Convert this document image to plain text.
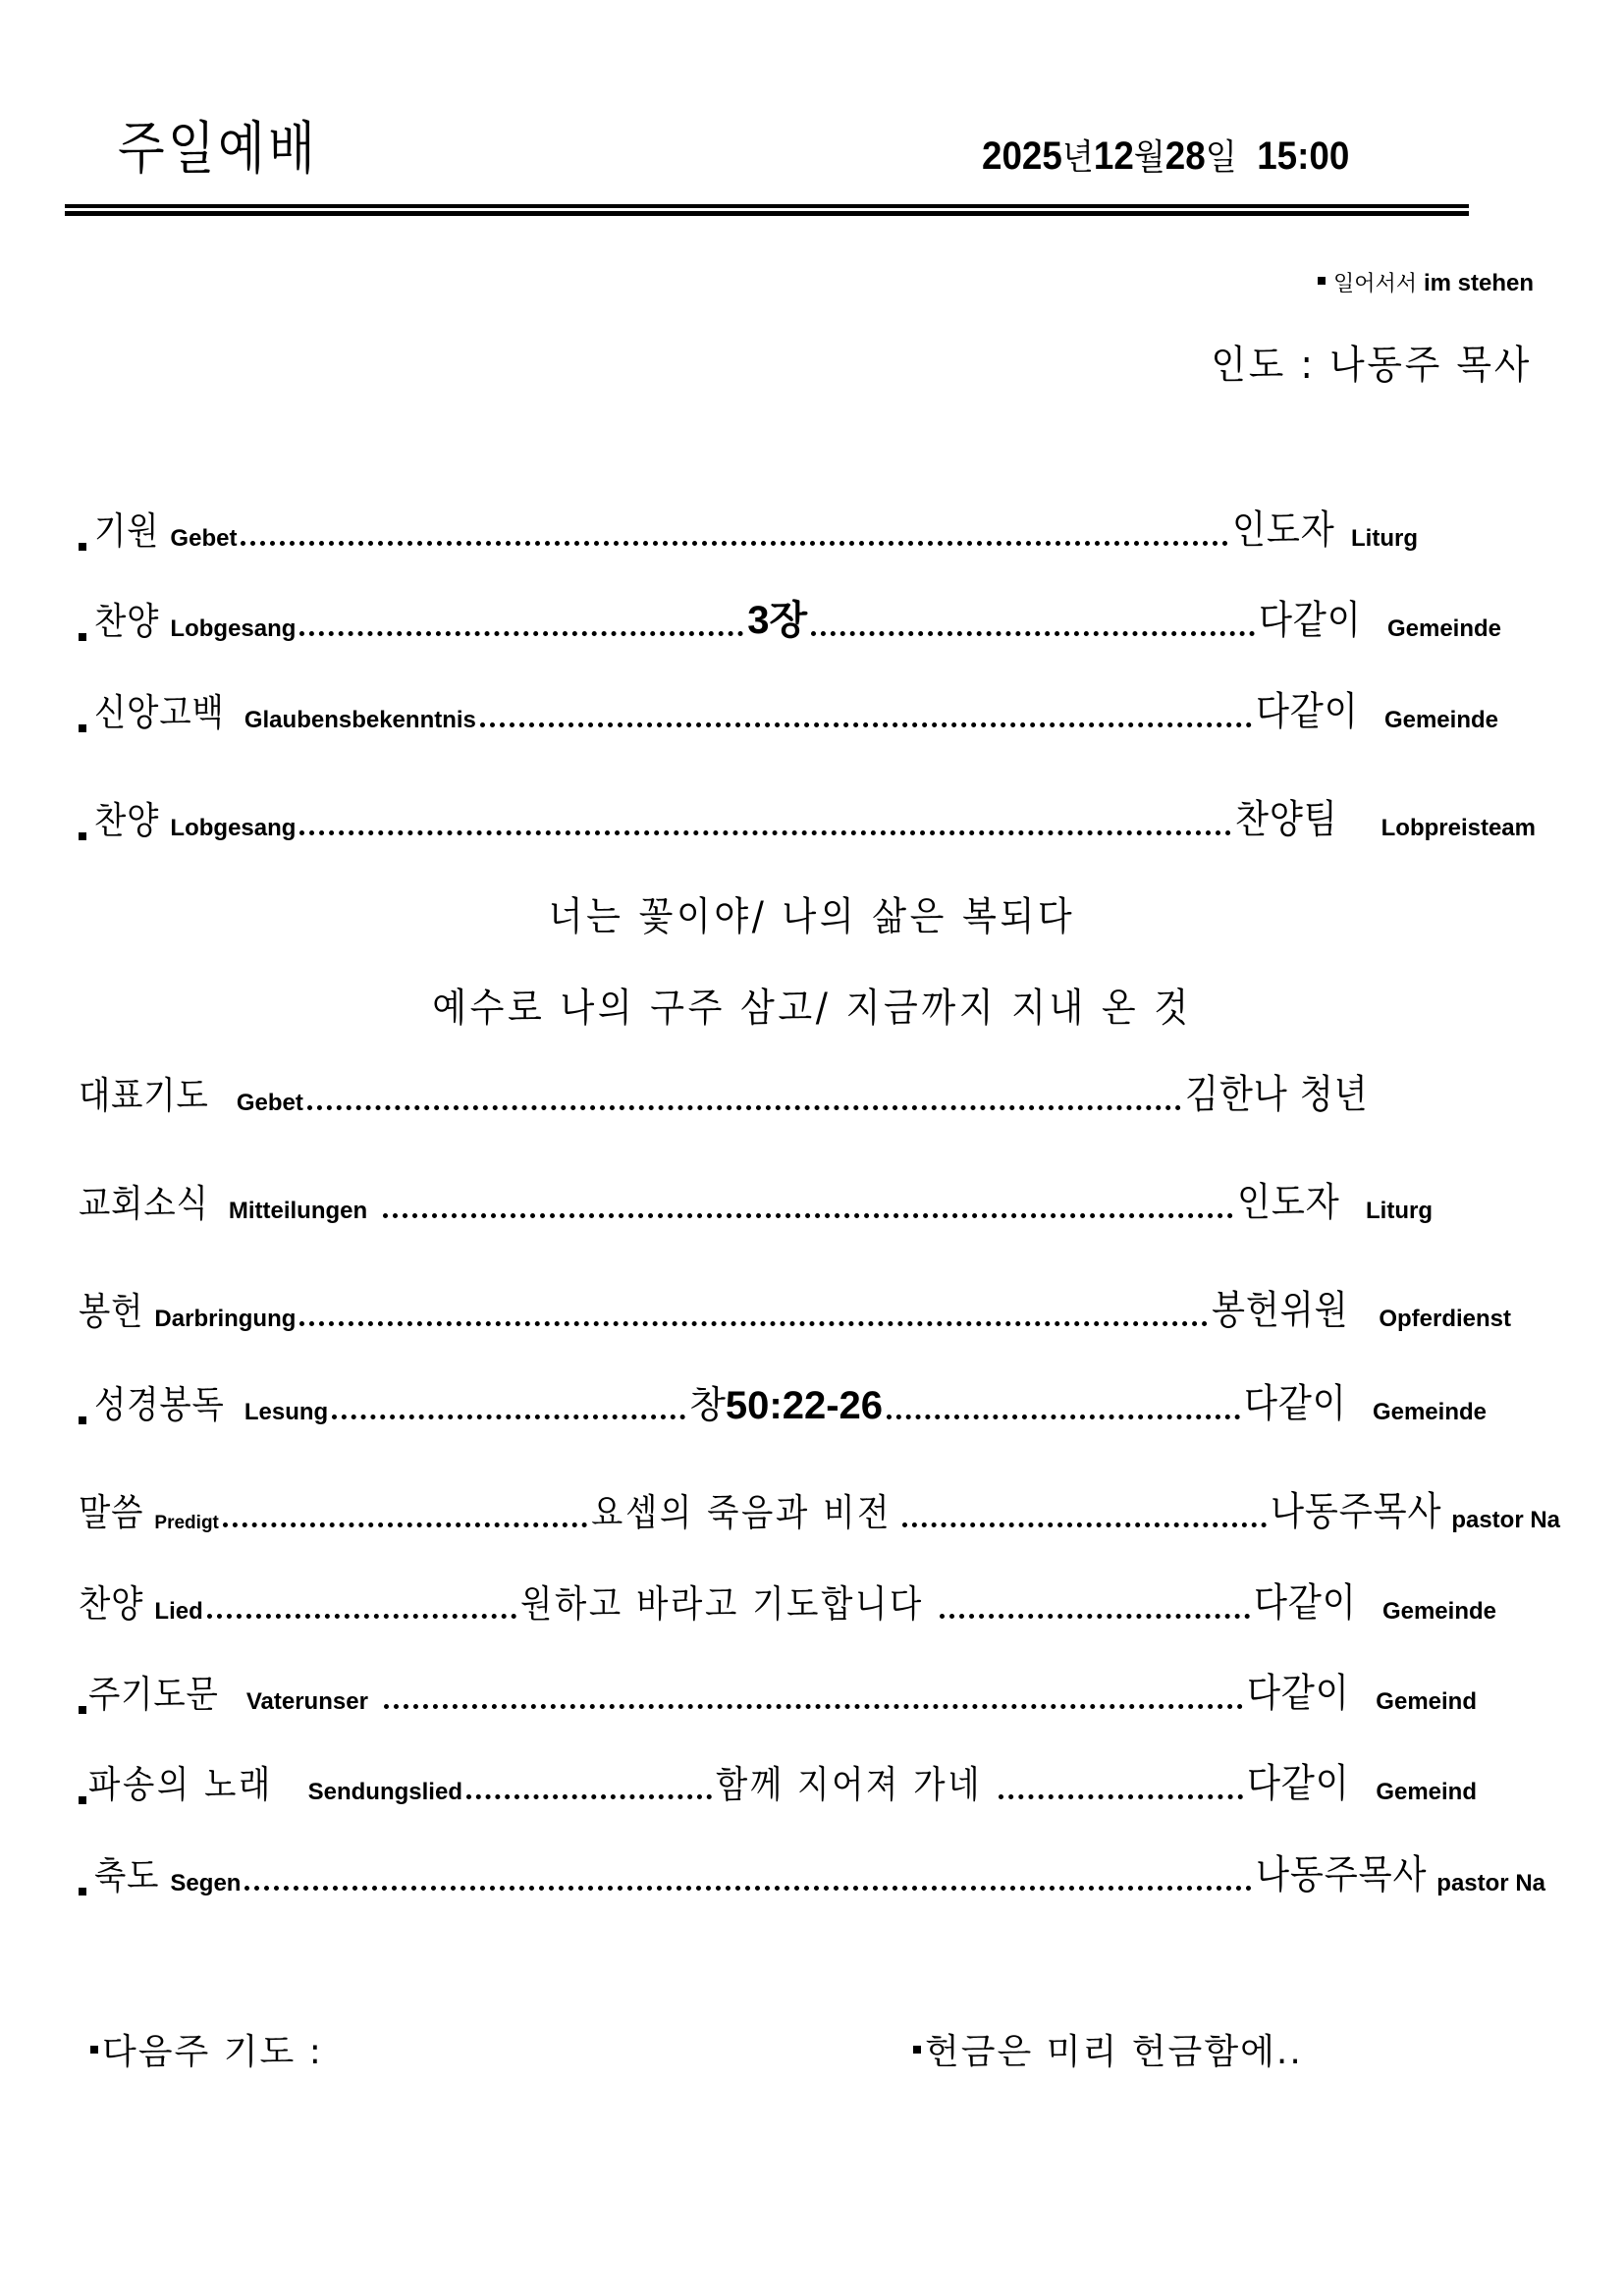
주일예배	2025년12월28일 15:00
일어서서 im stehen
인도 : 나동주 목사
기원 Gebet	인도자 Liturg
찬양 Lobgesang	3장	다같이 Gemeinde
신앙고백 Glaubensbekenntnis	다같이 Gemeinde
찬양 Lobgesang	찬양팀 Lobpreisteam
너는 꽃이야/ 나의 삶은 복되다
예수로 나의 구주 삼고/ 지금까지 지내 온 것
대표기도 Gebet	김한나 청년
교회소식 Mitteilungen	인도자 Liturg
봉헌 Darbringung	봉헌위원 Opferdienst
성경봉독 Lesung	창 50:22-26	다같이 Gemeinde
말씀 Predigt	요셉의 죽음과 비전	나동주목사 pastor Na
찬양 Lied	원하고 바라고 기도합니다	다같이 Gemeinde
주기도문 Vaterunser	다같이 Gemeind
파송의 노래 Sendungslied	함께 지어져 가네	다같이 Gemeind
축도 Segen	나동주목사 pastor Na
다음주 기도 :	헌금은 미리 헌금함에..
